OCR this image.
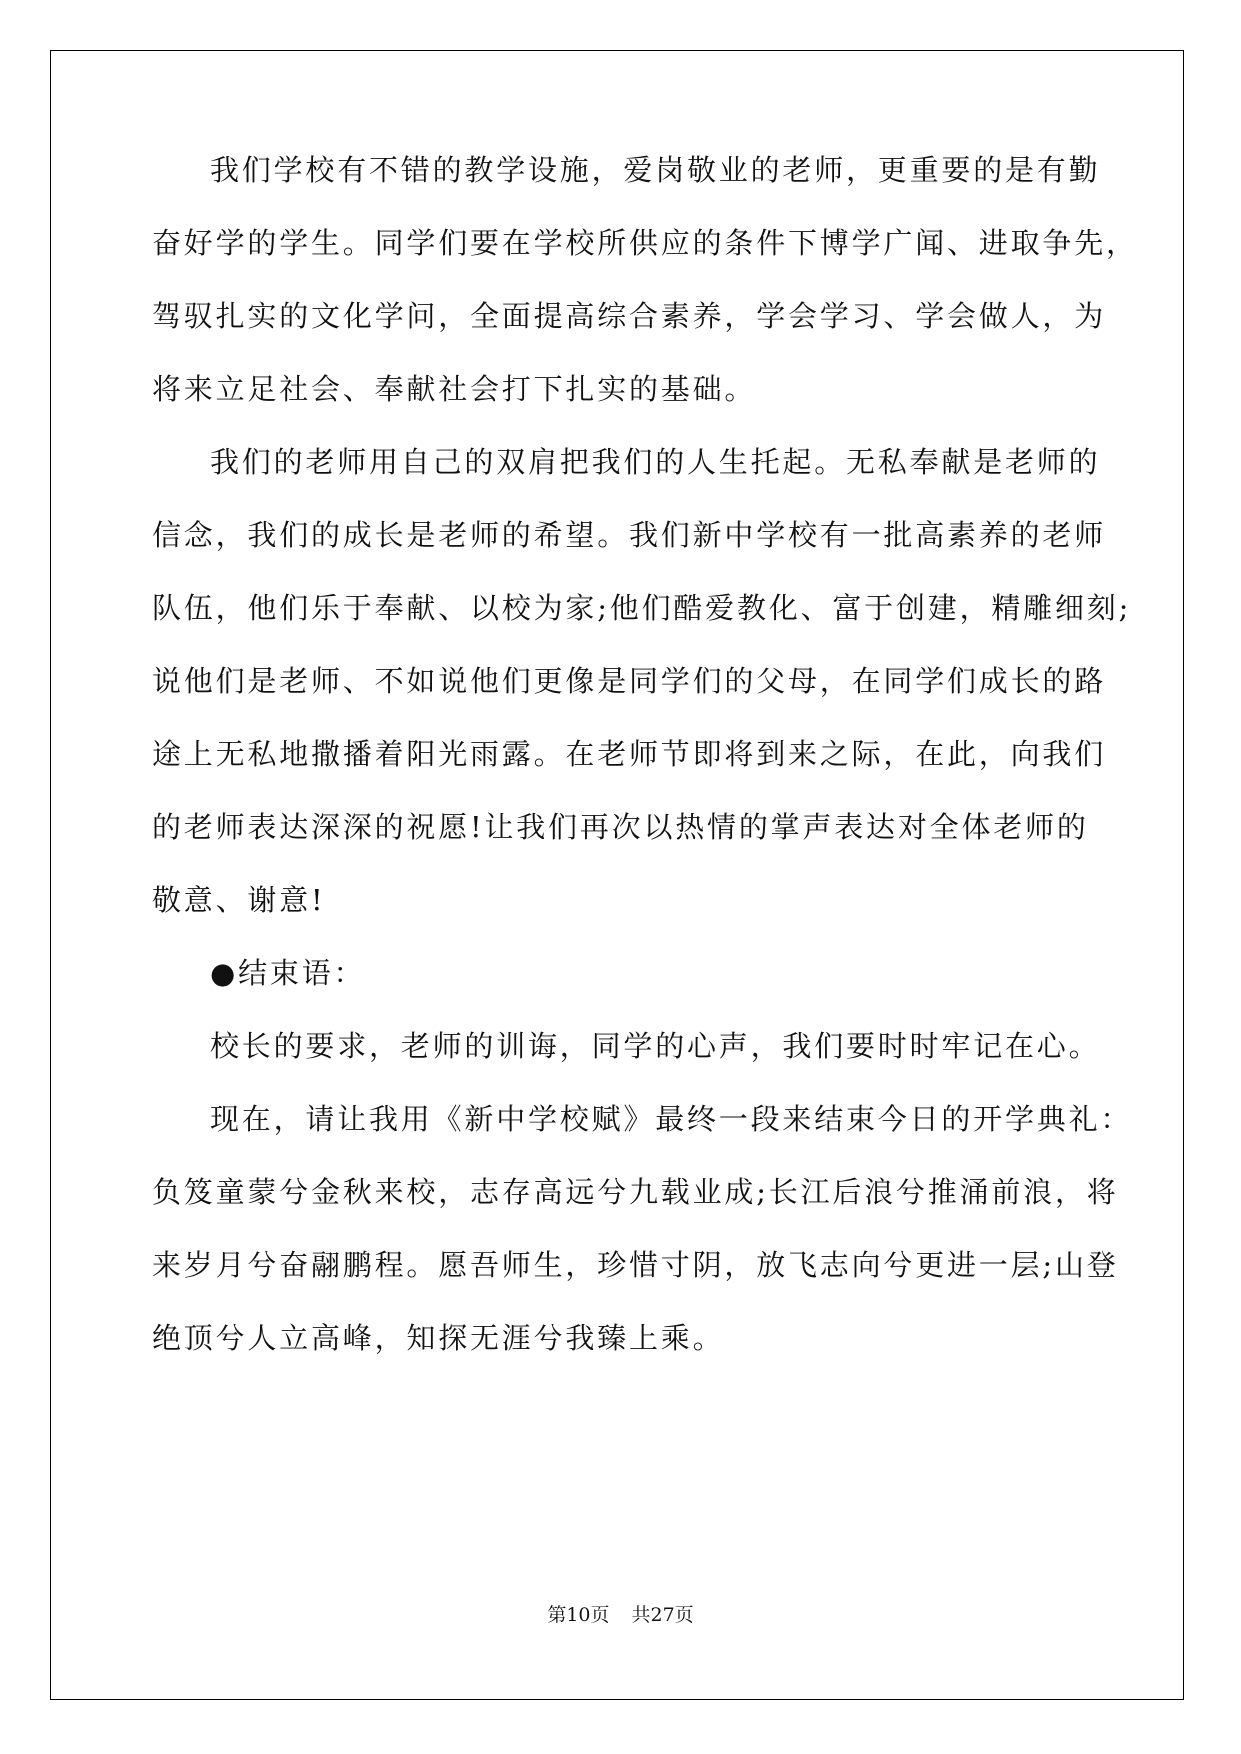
我们学校有不错的教学设施，爱岗敬业的老师，更重要的是有勤
奋好学的学生。同学们要在学校所供应的条件下博学广闻、进取争先，
驾驭扎实的文化学问，全面提高综合素养，学会学习、学会做人，为
将来立足社会、奉献社会打下扎实的基础。
我们的老师用自己的双肩把我们的人生托起。无私奉献是老师的
信念，我们的成长是老师的希望。我们新中学校有一批高素养的老师
队伍，他们乐于奉献、以校为家;他们酷爱教化、富于创建，精雕细刻;
说他们是老师、不如说他们更像是同学们的父母，在同学们成长的路
途上无私地撒播着阳光雨露。在老师节即将到来之际，在此，向我们
的老师表达深深的祝愿!让我们再次以热情的掌声表达对全体老师的
敬意、谢意!
●结束语：
校长的要求，老师的训诲，同学的心声，我们要时时牢记在心。
现在，请让我用《新中学校赋》最终一段来结束今日的开学典礼：
负笈童蒙兮金秋来校，志存高远兮九载业成;长江后浪兮推涌前浪，将
来岁月兮奋翮鹏程。愿吾师生，珍惜寸阴，放飞志向兮更进一层;山登
绝顶兮人立高峰，知探无涯兮我臻上乘。
第10页 共27页
